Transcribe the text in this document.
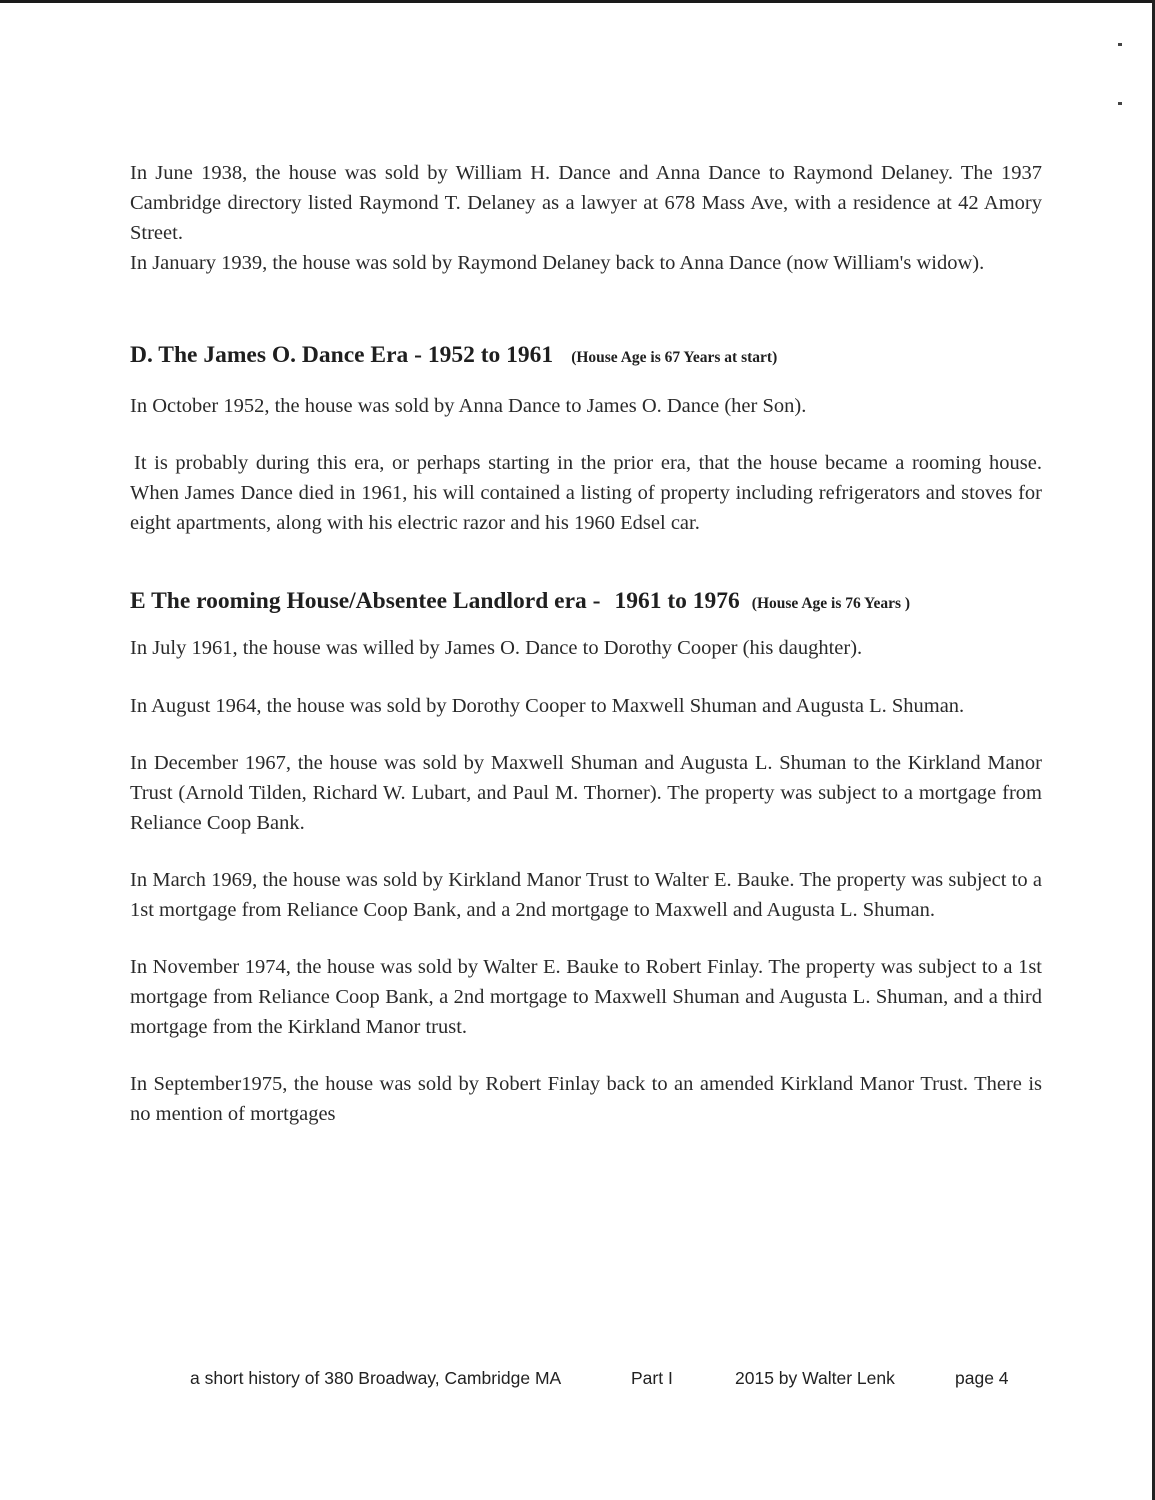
In June 1938, the house was sold by William H. Dance and Anna Dance to Raymond Delaney. The 1937 Cambridge directory listed Raymond T. Delaney as a lawyer at 678 Mass Ave, with a residence at 42 Amory Street.

In January 1939, the house was sold by Raymond Delaney back to Anna Dance (now William's widow).

D. The James O. Dance Era - 1952 to 1961 (House Age is 67 Years at start)

In October 1952, the house was sold by Anna Dance to James O. Dance (her Son).

It is probably during this era, or perhaps starting in the prior era, that the house became a rooming house. When James Dance died in 1961, his will contained a listing of property including refrigerators and stoves for eight apartments, along with his electric razor and his 1960 Edsel car.

E The rooming House/Absentee Landlord era - 1961 to 1976 (House Age is 76 Years )

In July 1961, the house was willed by James O. Dance to Dorothy Cooper (his daughter).

In August 1964, the house was sold by Dorothy Cooper to Maxwell Shuman and Augusta L. Shuman.

In December 1967, the house was sold by Maxwell Shuman and Augusta L. Shuman to the Kirkland Manor Trust (Arnold Tilden, Richard W. Lubart, and Paul M. Thorner). The property was subject to a mortgage from Reliance Coop Bank.

In March 1969, the house was sold by Kirkland Manor Trust to Walter E. Bauke. The property was subject to a 1st mortgage from Reliance Coop Bank, and a 2nd mortgage to Maxwell and Augusta L. Shuman.

In November 1974, the house was sold by Walter E. Bauke to Robert Finlay. The property was subject to a 1st mortgage from Reliance Coop Bank, a 2nd mortgage to Maxwell Shuman and Augusta L. Shuman, and a third mortgage from the Kirkland Manor trust.

In September1975, the house was sold by Robert Finlay back to an amended Kirkland Manor Trust. There is no mention of mortgages

a short history of 380 Broadway, Cambridge MA	Part I	2015 by Walter Lenk	page 4
